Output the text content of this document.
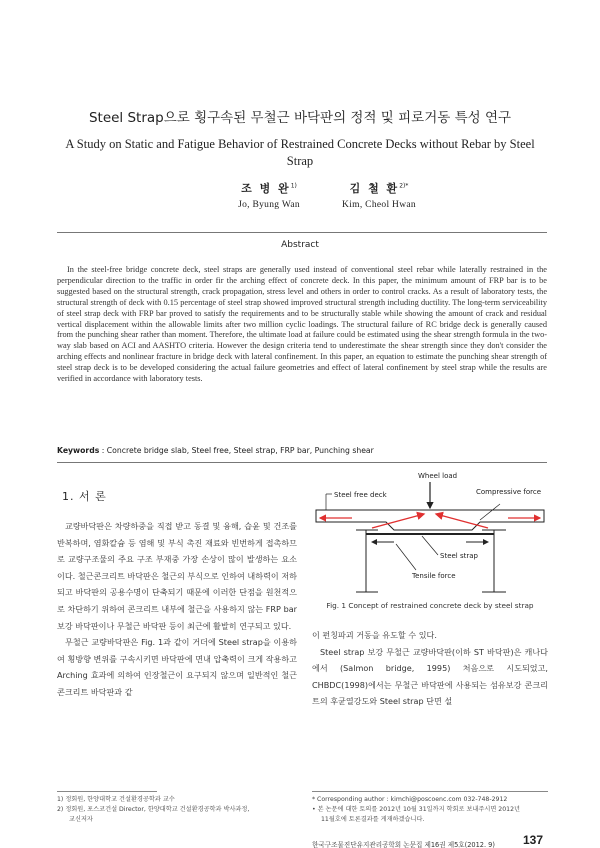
Steel Strap으로 횡구속된 무철근 바닥판의 정적 및 피로거동 특성 연구
A Study on Static and Fatigue Behavior of Restrained Concrete Decks without Rebar by Steel Strap
조 병 완$^{1)}$
Jo, Byung Wan
김 철 환$^{2)*}$
Kim, Cheol Hwan
Abstract
In the steel-free bridge concrete deck, steel straps are generally used instead of conventional steel rebar while laterally restrained in the perpendicular direction to the traffic in order fir the arching effect of concrete deck. In this paper, the minimum amount of FRP bar is to be suggested based on the structural strength, crack propagation, stress level and others in order to control cracks. As a result of laboratory tests, the structural strength of deck with 0.15 percentage of steel strap showed improved structural strength including ductility. The long-term serviceability of steel strap deck with FRP bar proved to satisfy the requirements and to be structurally stable while showing the amount of crack and residual vertical displacement within the allowable limits after two million cyclic loadings. The structural failure of RC bridge deck is generally caused from the punching shear rather than moment. Therefore, the ultimate load at failure could be estimated using the shear strength formula in the two-way slab based on ACI and AASHTO criteria. However the design criteria tend to underestimate the shear strength since they don't consider the arching effects and nonlinear fracture in bridge deck with lateral confinement. In this paper, an equation to estimate the punching shear strength of steel strap deck is to be developed considering the actual failure geometries and effect of lateral confinement by steel strap while the results are verified in accordance with laboratory tests.
Keywords : Concrete bridge slab, Steel free, Steel strap, FRP bar, Punching shear
1. 서 론

교량바닥판은 차량하중을 직접 받고 동결 및 융해, 습윤 및 건조를 반복하며, 염화칼슘 등 염해 및 부식 촉진 재료와 빈번하게 접촉하므로 교량구조물의 주요 구조 부재중 가장 손상이 많이 발생하는 요소이다. 철근콘크리트 바닥판은 철근의 부식으로 인하여 내하력이 저하되고 바닥판의 공용수명이 단축되기 때문에 이러한 단점을 원천적으로 차단하기 위하여 콘크리트 내부에 철근을 사용하지 않는 FRP bar 보강 바닥판이나 무철근 바닥판 등이 최근에 활발히 연구되고 있다.

무철근 교량바닥판은 Fig. 1과 같이 거더에 Steel strap을 이용하여 횡방향 변위를 구속시키면 바닥판에 면내 압축력이 크게 작용하고 Arching 효과에 의하여 인장철근이 요구되지 않으며 일반적인 철근콘크리트 바닥판과 같

Wheel load
Steel free deck	Compressive force
Steel strap
Tensile force
Fig. 1 Concept of restrained concrete deck by steel strap

이 펀칭파괴 거동을 유도할 수 있다.

Steel strap 보강 무철근 교량바닥판(이하 ST 바닥판)은 캐나다에서 (Salmon bridge, 1995) 처음으로 시도되었고, CHBDC(1998)에서는 무철근 바닥판에 사용되는 섬유보강 콘크리트의 후균열강도와 Steel strap 단면 설

1) 정회원, 한양대학교 건설환경공학과 교수
2) 정회원, 포스코건설 Director, 한양대학교 건설환경공학과 박사과정,
교신저자
* Corresponding author : kimchi@poscoenc.com 032-748-2912
• 본 논문에 대한 토의를 2012년 10월 31일까지 학회로 보내주시면 2012년
11월호에 토론결과를 게재하겠습니다.
한국구조물진단유지관리공학회 논문집 제16권 제5호(2012. 9) 137
